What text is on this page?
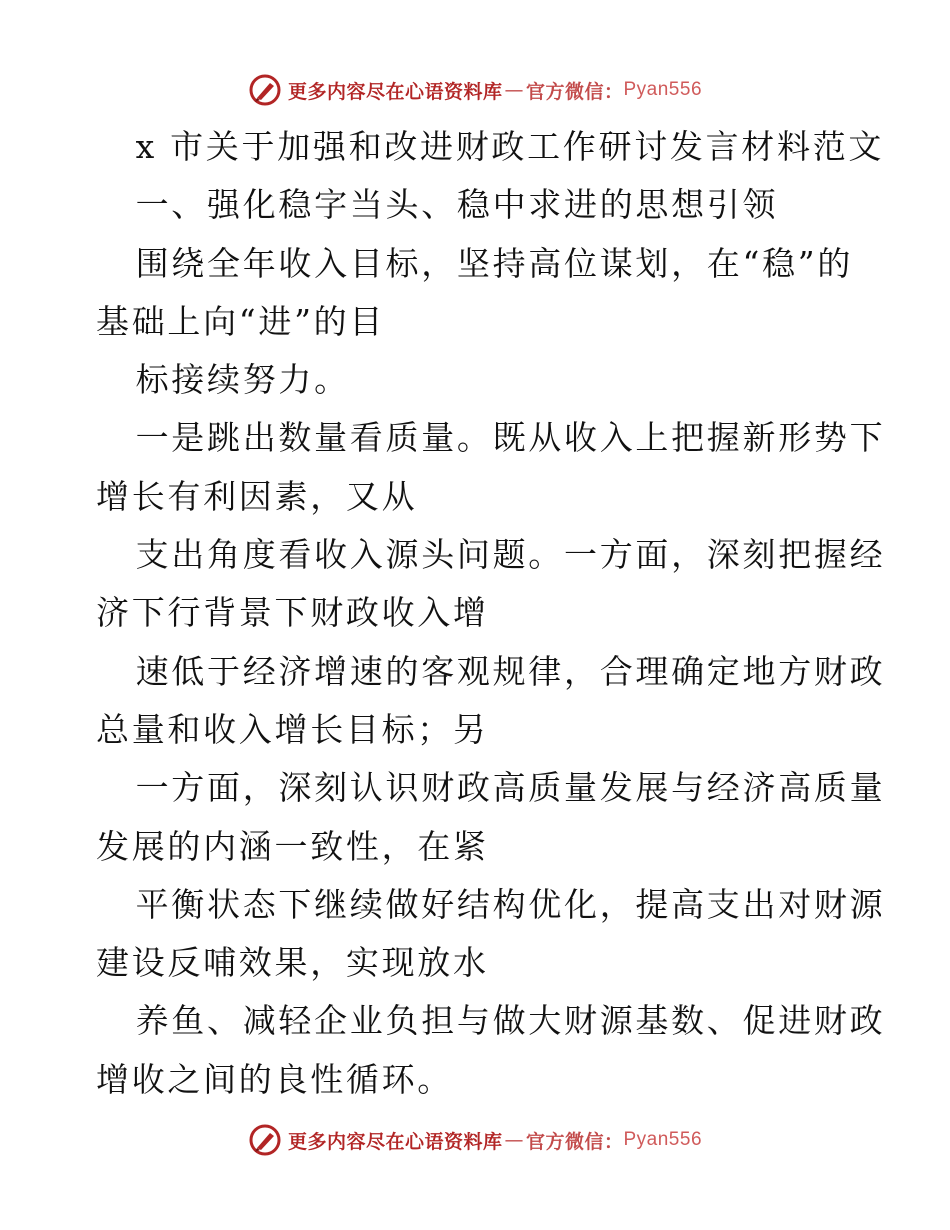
更多内容尽在心语资料库 — 官方微信： Pyan556

x 市关于加强和改进财政工作研讨发言材料范文

一、强化稳字当头、稳中求进的思想引领

围绕全年收入目标，坚持高位谋划，在“稳”的

基础上向“进”的目

标接续努力。

一是跳出数量看质量。既从收入上把握新形势下

增长有利因素，又从

支出角度看收入源头问题。一方面，深刻把握经

济下行背景下财政收入增

速低于经济增速的客观规律，合理确定地方财政

总量和收入增长目标；另

一方面，深刻认识财政高质量发展与经济高质量

发展的内涵一致性，在紧

平衡状态下继续做好结构优化，提高支出对财源

建设反哺效果，实现放水

养鱼、减轻企业负担与做大财源基数、促进财政

增收之间的良性循环。

更多内容尽在心语资料库 — 官方微信： Pyan556
